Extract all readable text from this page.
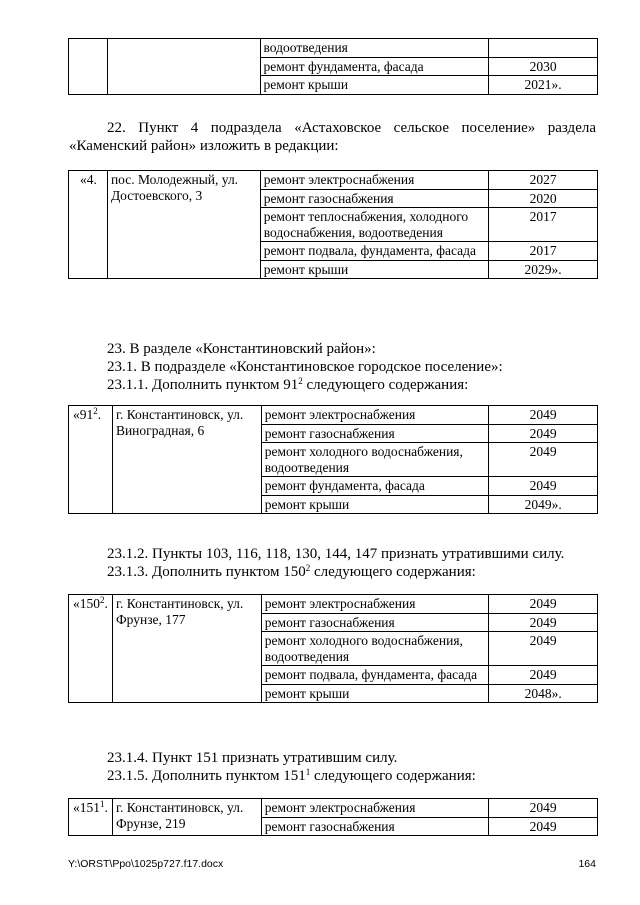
		водоотведения	
		ремонт фундамента, фасада	2030
		ремонт крыши	2021».

22. Пункт 4 подраздела «Астаховское сельское поселение» раздела «Каменский район» изложить в редакции:

«4.	пос. Молодежный, ул. Достоевского, 3	ремонт электроснабжения	2027
		ремонт газоснабжения	2020
		ремонт теплоснабжения, холодного водоснабжения, водоотведения	2017
		ремонт подвала, фундамента, фасада	2017
		ремонт крыши	2029».

23. В разделе «Константиновский район»:

23.1. В подразделе «Константиновское городское поселение»:

23.1.1. Дополнить пунктом $91^2$ следующего содержания:

«$91^2$.	г. Константиновск, ул. Виноградная, 6	ремонт электроснабжения	2049
		ремонт газоснабжения	2049
		ремонт холодного водоснабжения, водоотведения	2049
		ремонт фундамента, фасада	2049
		ремонт крыши	2049».

23.1.2. Пункты 103, 116, 118, 130, 144, 147 признать утратившими силу.

23.1.3. Дополнить пунктом $150^2$ следующего содержания:

«$150^2$.	г. Константиновск, ул. Фрунзе, 177	ремонт электроснабжения	2049
		ремонт газоснабжения	2049
		ремонт холодного водоснабжения, водоотведения	2049
		ремонт подвала, фундамента, фасада	2049
		ремонт крыши	2048».

23.1.4. Пункт 151 признать утратившим силу.

23.1.5. Дополнить пунктом $151^1$ следующего содержания:

«$151^1$.	г. Константиновск, ул. Фрунзе, 219	ремонт электроснабжения	2049
		ремонт газоснабжения	2049
Y:\ORST\Ppo\1025p727.f17.docx	164
